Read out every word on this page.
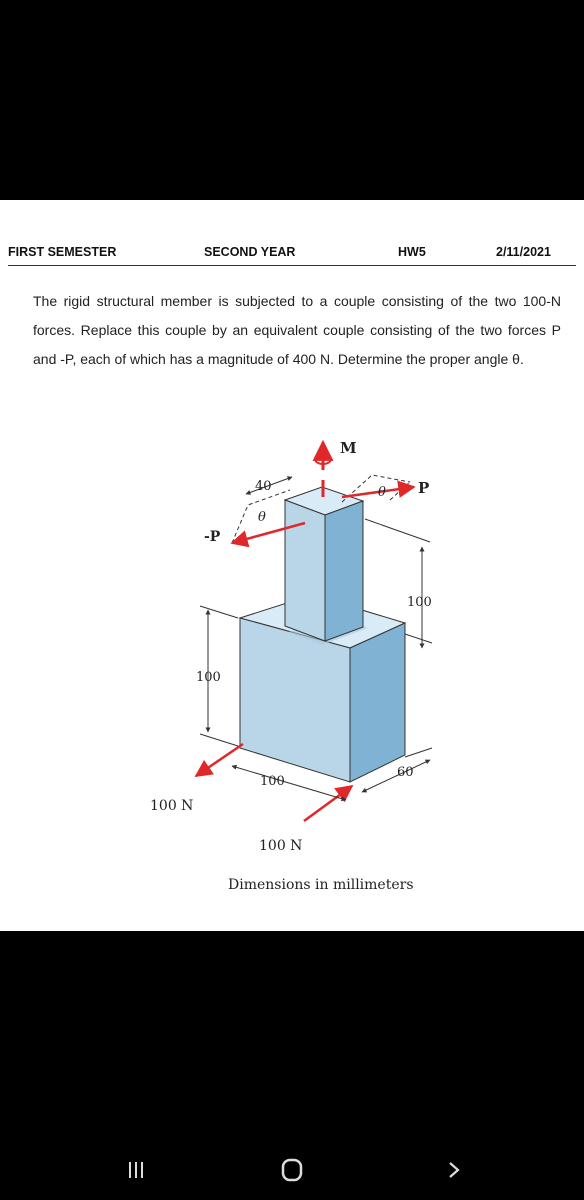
FIRST SEMESTER	SECOND YEAR	HW5	2/11/2021
The rigid structural member is subjected to a couple consisting of the two 100-N forces. Replace this couple by an equivalent couple consisting of the two forces P and -P, each of which has a magnitude of 400 N. Determine the proper angle θ.
M
P
-P
θ
θ
40
100
100
100
60
100 N
100 N
Dimensions in millimeters
